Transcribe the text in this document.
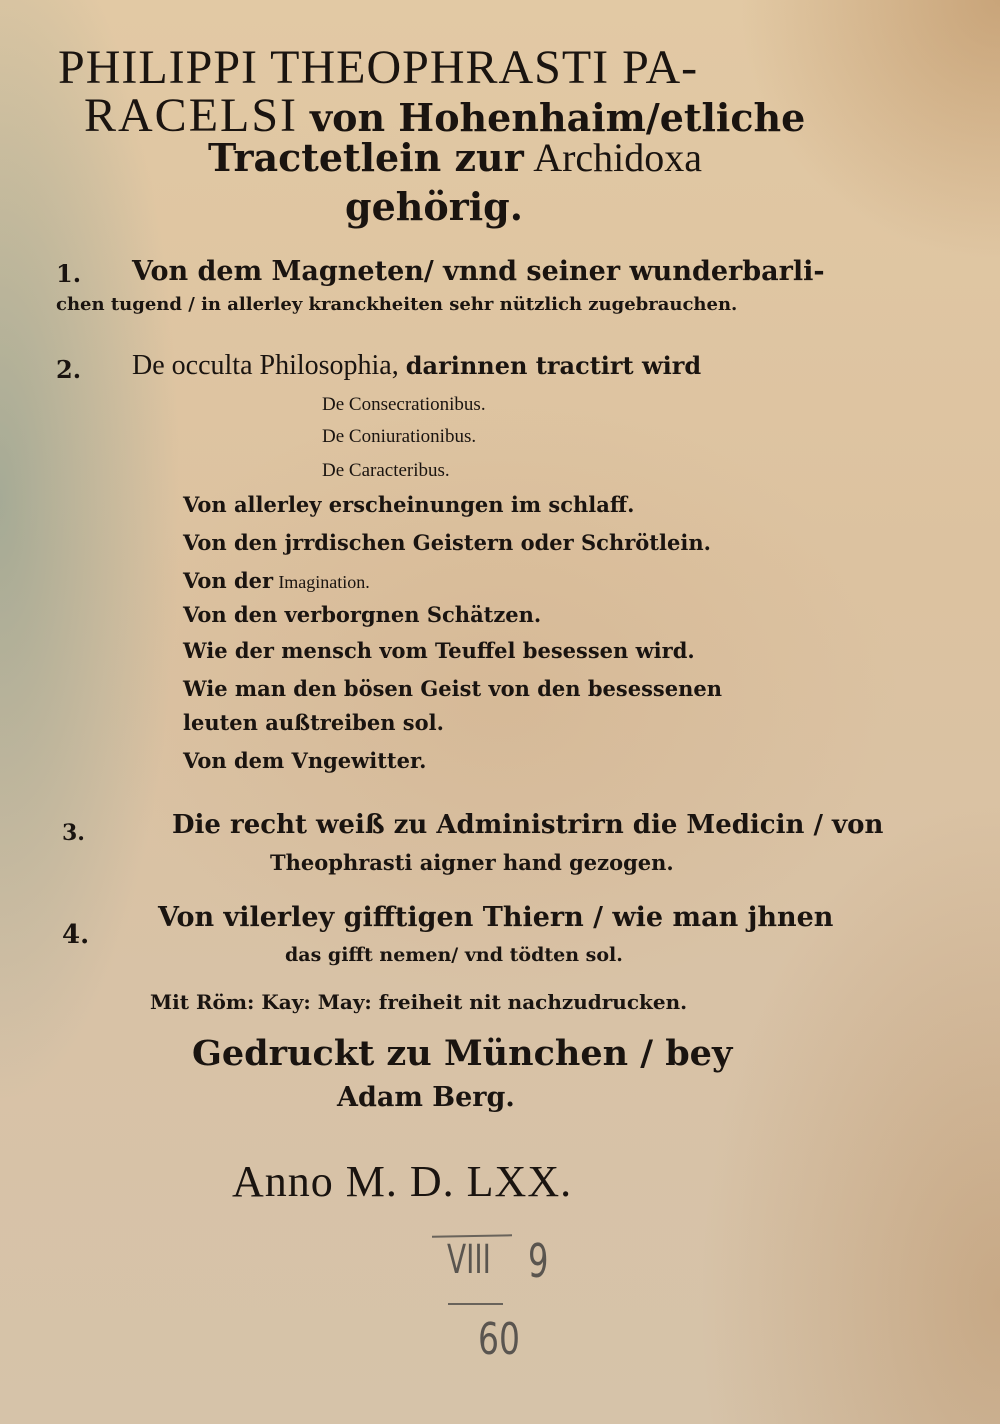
PHILIPPI THEOPHRASTI PA-
RACELSI von Hohenhaim/etliche
Tractetlein zur Archidoxa
gehörig.
1. Von dem Magneten/ vnnd seiner wunderbarli-
chen tugend / in allerley kranckheiten sehr nützlich zugebrauchen.
2. De occulta Philosophia, darinnen tractirt wird
De Consecrationibus.
De Coniurationibus.
De Caracteribus.
Von allerley erscheinungen im schlaff.
Von den jrrdischen Geistern oder Schrötlein.
Von der Imagination.
Von den verborgnen Schätzen.
Wie der mensch vom Teuffel besessen wird.
Wie man den bösen Geist von den besessenen
leuten außtreiben sol.
Von dem Vngewitter.
3.	Die recht weiß zu Administrirn die Medicin / von
Theophrasti aigner hand gezogen.
4.
Von vilerley gifftigen Thiern / wie man jhnen
das gifft nemen/ vnd tödten sol.
Mit Röm: Kay: May: freiheit nit nachzudrucken.
Gedruckt zu München / bey
Adam Berg.
Anno M. D. LXX.
VIII 9
60
